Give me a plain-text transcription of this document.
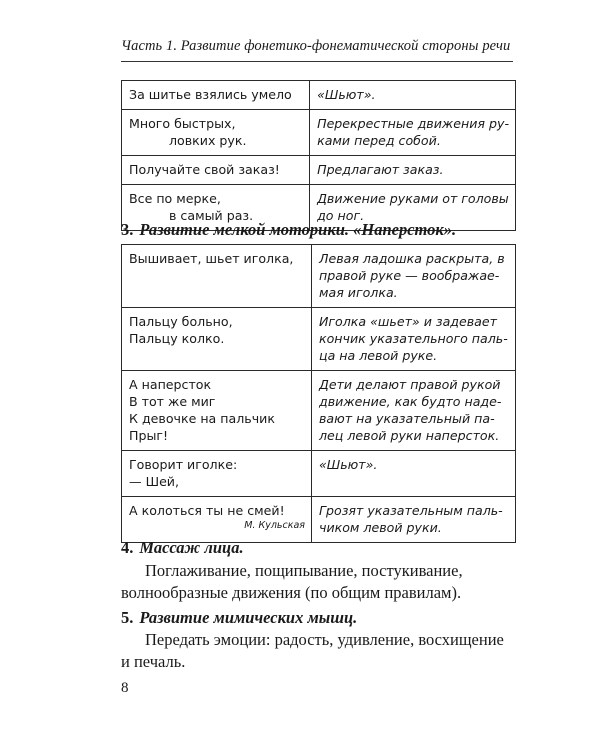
Часть 1. Развитие фонетико-фонематической стороны речи
За шитье взялись умело	«Шьют».

Много быстрых,
ловких рук.	Перекрестные движения ру-
ками перед собой.

Получайте свой заказ!	Предлагают заказ.

Все по мерке,
в самый раз.	Движение руками от головы
до ног.
3. Развитие мелкой моторики. «Наперсток».
Вышивает, шьет иголка,	Левая ладошка раскрыта, в
правой руке — воображае-
мая иголка.

Пальцу больно,
Пальцу колко.	Иголка «шьет» и задевает
кончик указательного паль-
ца на левой руке.

А наперсток
В тот же миг
К девочке на пальчик
Прыг!	Дети делают правой рукой
движение, как будто наде-
вают на указательный па-
лец левой руки наперсток.

Говорит иголке:
— Шей,	«Шьют».

А колоться ты не смей!
М. Кульская	Грозят указательным паль-
чиком левой руки.
4. Массаж лица.
Поглаживание, пощипывание, постукивание, волнообразные движения (по общим правилам).
5. Развитие мимических мышц.
Передать эмоции: радость, удивление, восхищение и печаль.
8
